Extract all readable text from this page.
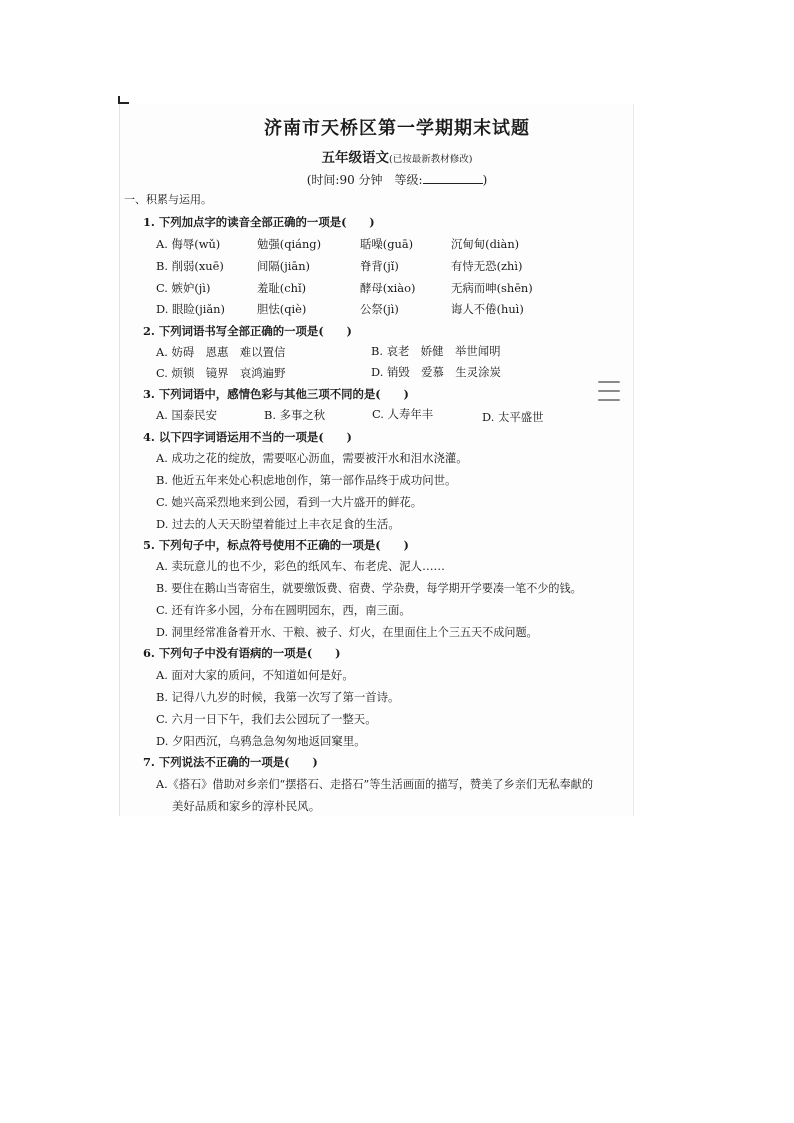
济南市天桥区第一学期期末试题
五年级语文(已按最新教材修改)
(时间:90 分钟　等级:	)
一、积累与运用。
1. 下列加点字的读音全部正确的一项是(　　)
A. 侮辱(wǔ)	勉强(qiáng)	聒噪(guā)	沉甸甸(diàn)
B. 削弱(xuē)	间隔(jiān)	脊背(jǐ)	有恃无恐(zhì)
C. 嫉妒(jì)	羞耻(chǐ)	酵母(xiào)	无病而呻(shēn)
D. 眼睑(jiǎn)	胆怯(qiè)	公祭(jì)	诲人不倦(huì)
2. 下列词语书写全部正确的一项是(　　)
A. 妨碍　恩惠　难以置信	B. 哀老　娇健　举世闻明
C. 烦锁　镜界　哀鸿遍野	D. 销毁　爱慕　生灵涂炭
3. 下列词语中，感情色彩与其他三项不同的是(　　)
A. 国泰民安	B. 多事之秋	C. 人寿年丰	D. 太平盛世
4. 以下四字词语运用不当的一项是(　　)
A. 成功之花的绽放，需要呕心沥血，需要被汗水和泪水浇灌。
B. 他近五年来处心积虑地创作，第一部作品终于成功问世。
C. 她兴高采烈地来到公园，看到一大片盛开的鲜花。
D. 过去的人天天盼望着能过上丰衣足食的生活。
5. 下列句子中，标点符号使用不正确的一项是(　　)
A. 卖玩意儿的也不少，彩色的纸风车、布老虎、泥人……
B. 要住在鹅山当寄宿生，就要缴饭费、宿费、学杂费，每学期开学要凑一笔不少的钱。
C. 还有许多小园，分布在圆明园东，西，南三面。
D. 洞里经常准备着开水、干粮、被子、灯火，在里面住上个三五天不成问题。
6. 下列句子中没有语病的一项是(　　)
A. 面对大家的质问，不知道如何是好。
B. 记得八九岁的时候，我第一次写了第一首诗。
C. 六月一日下午，我们去公园玩了一整天。
D. 夕阳西沉，乌鸦急急匆匆地返回窠里。
7. 下列说法不正确的一项是(　　)
A.《搭石》借助对乡亲们“摆搭石、走搭石”等生活画面的描写，赞美了乡亲们无私奉献的
美好品质和家乡的淳朴民风。
